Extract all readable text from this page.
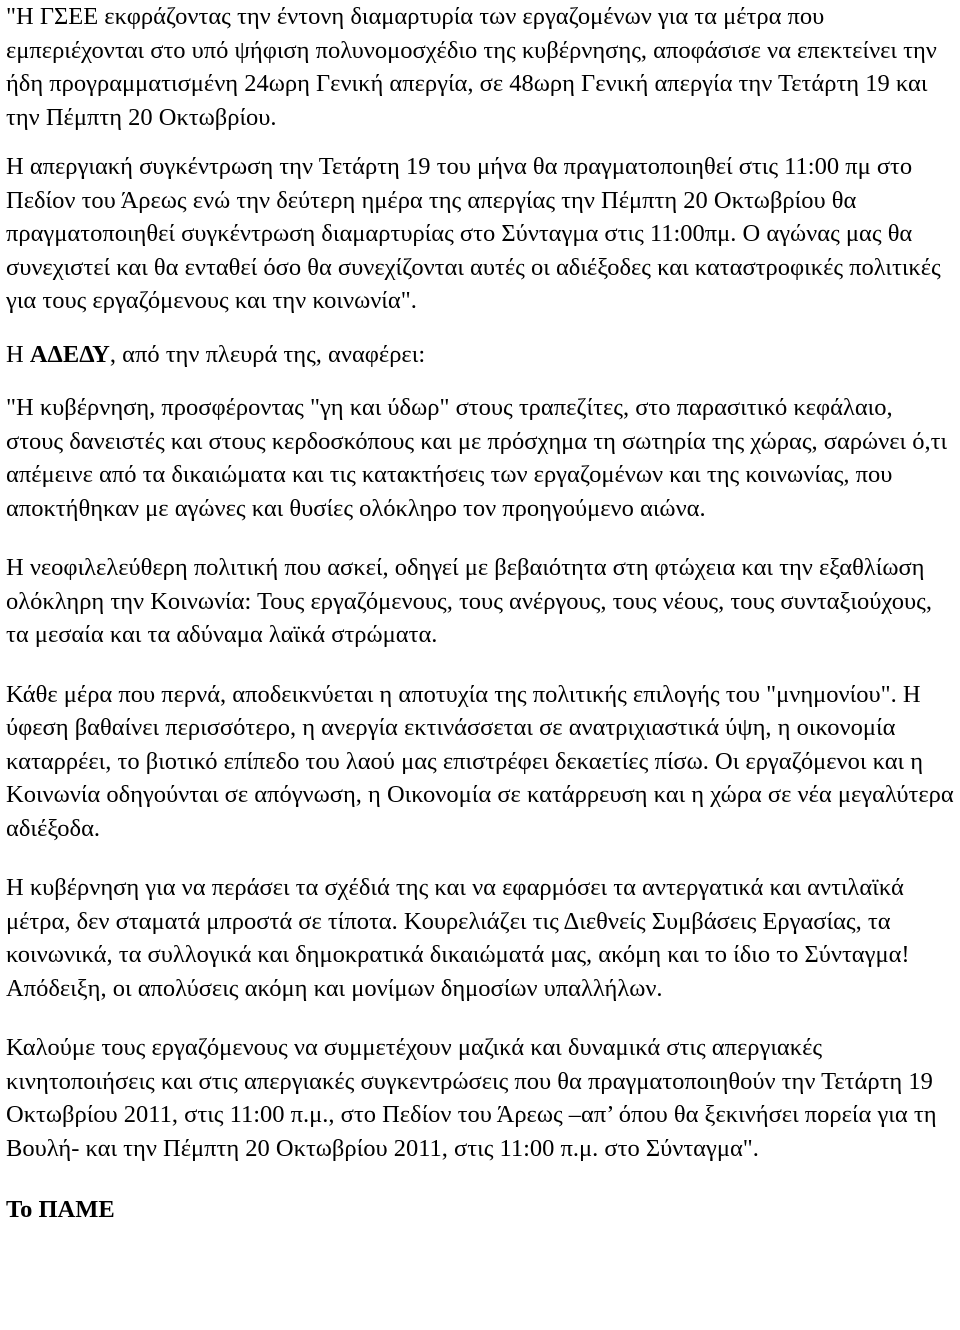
"Η ΓΣΕΕ εκφράζοντας την έντονη διαμαρτυρία των εργαζομένων για τα μέτρα που εμπεριέχονται στο υπό ψήφιση πολυνομοσχέδιο της κυβέρνησης, αποφάσισε να επεκτείνει την ήδη προγραμματισμένη 24ωρη Γενική απεργία, σε 48ωρη Γενική απεργία την Τετάρτη 19 και την Πέμπτη 20 Οκτωβρίου.

Η απεργιακή συγκέντρωση την Τετάρτη 19 του μήνα θα πραγματοποιηθεί στις 11:00 πμ στο Πεδίον του Άρεως ενώ την δεύτερη ημέρα της απεργίας την Πέμπτη 20 Οκτωβρίου θα πραγματοποιηθεί συγκέντρωση διαμαρτυρίας στο Σύνταγμα στις 11:00πμ. Ο αγώνας μας θα συνεχιστεί και θα ενταθεί όσο θα συνεχίζονται αυτές οι αδιέξοδες και καταστροφικές πολιτικές για τους εργαζόμενους και την κοινωνία".

Η ΑΔΕΔΥ, από την πλευρά της, αναφέρει:

"Η κυβέρνηση, προσφέροντας "γη και ύδωρ" στους τραπεζίτες, στο παρασιτικό κεφάλαιο, στους δανειστές και στους κερδοσκόπους και με πρόσχημα τη σωτηρία της χώρας, σαρώνει ό,τι απέμεινε από τα δικαιώματα και τις κατακτήσεις των εργαζομένων και της κοινωνίας, που αποκτήθηκαν με αγώνες και θυσίες ολόκληρο τον προηγούμενο αιώνα.

Η νεοφιλελεύθερη πολιτική που ασκεί, οδηγεί με βεβαιότητα στη φτώχεια και την εξαθλίωση ολόκληρη την Κοινωνία: Τους εργαζόμενους, τους ανέργους, τους νέους, τους συνταξιούχους, τα μεσαία και τα αδύναμα λαϊκά στρώματα.

Κάθε μέρα που περνά, αποδεικνύεται η αποτυχία της πολιτικής επιλογής του "μνημονίου". Η ύφεση βαθαίνει περισσότερο, η ανεργία εκτινάσσεται σε ανατριχιαστικά ύψη, η οικονομία καταρρέει, το βιοτικό επίπεδο του λαού μας επιστρέφει δεκαετίες πίσω. Οι εργαζόμενοι και η Κοινωνία οδηγούνται σε απόγνωση, η Οικονομία σε κατάρρευση και η χώρα σε νέα μεγαλύτερα αδιέξοδα.

Η κυβέρνηση για να περάσει τα σχέδιά της και να εφαρμόσει τα αντεργατικά και αντιλαϊκά μέτρα, δεν σταματά μπροστά σε τίποτα. Κουρελιάζει τις Διεθνείς Συμβάσεις Εργασίας, τα κοινωνικά, τα συλλογικά και δημοκρατικά δικαιώματά μας, ακόμη και το ίδιο το Σύνταγμα! Απόδειξη, οι απολύσεις ακόμη και μονίμων δημοσίων υπαλλήλων.

Καλούμε τους εργαζόμενους να συμμετέχουν μαζικά και δυναμικά στις απεργιακές κινητοποιήσεις και στις απεργιακές συγκεντρώσεις που θα πραγματοποιηθούν την Τετάρτη 19 Οκτωβρίου 2011, στις 11:00 π.μ., στο Πεδίον του Άρεως –απ’ όπου θα ξεκινήσει πορεία για τη Βουλή- και την Πέμπτη 20 Οκτωβρίου 2011, στις 11:00 π.μ. στο Σύνταγμα".

Το ΠΑΜΕ
